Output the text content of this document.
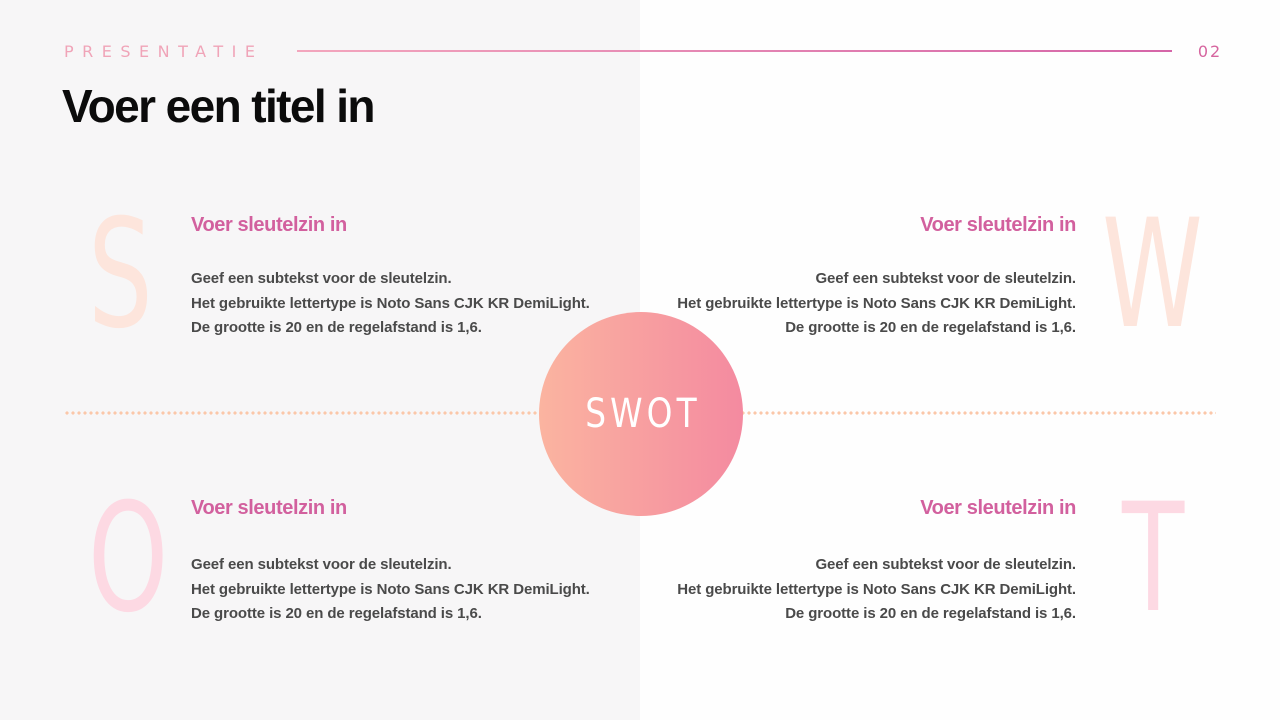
PRESENTATIE	02
Voer een titel in
S	W
O	T
Voer sleutelzin in
Geef een subtekst voor de sleutelzin.
Het gebruikte lettertype is Noto Sans CJK KR DemiLight.
De grootte is 20 en de regelafstand is 1,6.
Voer sleutelzin in
Geef een subtekst voor de sleutelzin.
Het gebruikte lettertype is Noto Sans CJK KR DemiLight.
De grootte is 20 en de regelafstand is 1,6.
Voer sleutelzin in
Geef een subtekst voor de sleutelzin.
Het gebruikte lettertype is Noto Sans CJK KR DemiLight.
De grootte is 20 en de regelafstand is 1,6.
Voer sleutelzin in
Geef een subtekst voor de sleutelzin.
Het gebruikte lettertype is Noto Sans CJK KR DemiLight.
De grootte is 20 en de regelafstand is 1,6.
SWOT
